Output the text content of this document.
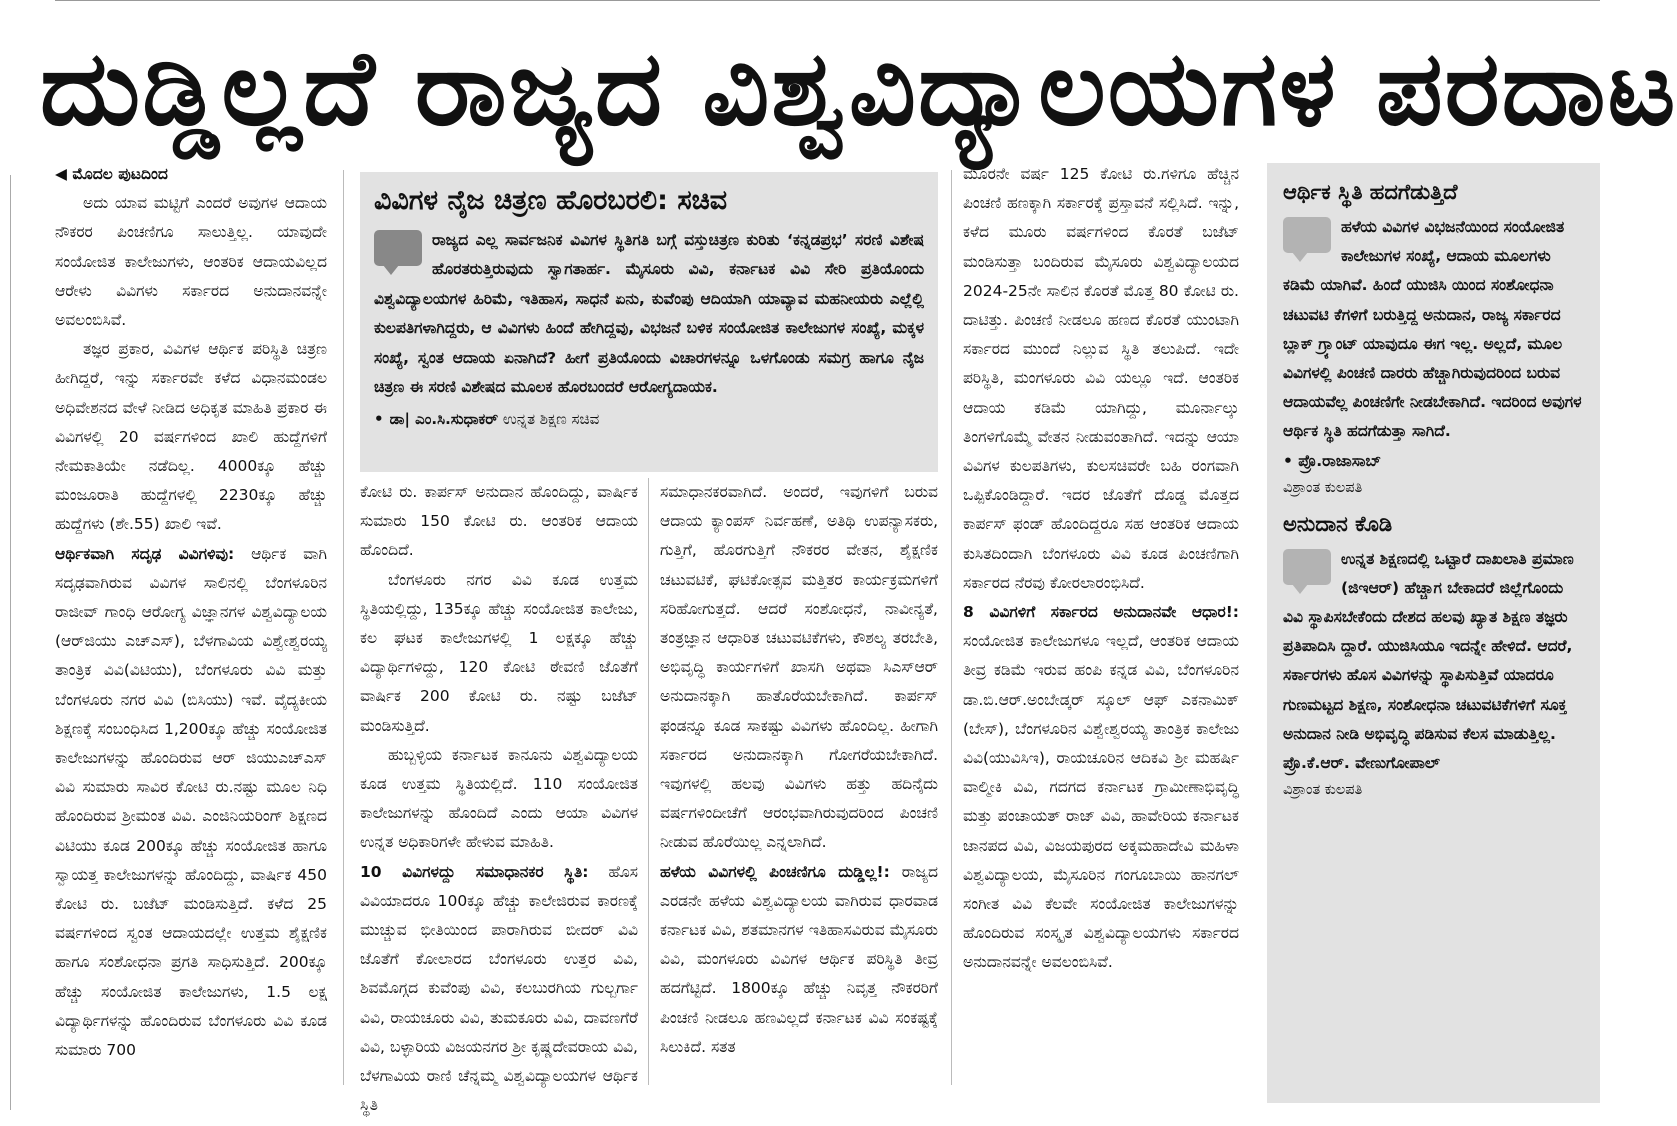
ದುಡ್ಡಿಲ್ಲದೆ ರಾಜ್ಯದ ವಿಶ್ವವಿದ್ಯಾಲಯಗಳ ಪರದಾಟ

◀ ಮೊದಲ ಪುಟದಿಂದ

ಅದು ಯಾವ ಮಟ್ಟಿಗೆ ಎಂದರೆ ಅವುಗಳ ಆದಾಯ ನೌಕರರ ಪಿಂಚಣಿಗೂ ಸಾಲುತ್ತಿಲ್ಲ. ಯಾವುದೇ ಸಂಯೋಜಿತ ಕಾಲೇಜುಗಳು, ಆಂತರಿಕ ಆದಾಯವಿಲ್ಲದ ಆರೇಳು ವಿವಿಗಳು ಸರ್ಕಾರದ ಅನುದಾನವನ್ನೇ ಅವಲಂಬಿಸಿವೆ.

ತಜ್ಞರ ಪ್ರಕಾರ, ವಿವಿಗಳ ಆರ್ಥಿಕ ಪರಿಸ್ಥಿತಿ ಚಿತ್ರಣ ಹೀಗಿದ್ದರೆ, ಇನ್ನು ಸರ್ಕಾರವೇ ಕಳೆದ ವಿಧಾನಮಂಡಲ ಅಧಿವೇಶನದ ವೇಳೆ ನೀಡಿದ ಅಧಿಕೃತ ಮಾಹಿತಿ ಪ್ರಕಾರ ಈ ವಿವಿಗಳಲ್ಲಿ 20 ವರ್ಷಗಳಿಂದ ಖಾಲಿ ಹುದ್ದೆಗಳಿಗೆ ನೇಮಕಾತಿಯೇ ನಡೆದಿಲ್ಲ. 4000ಕ್ಕೂ ಹೆಚ್ಚು ಮಂಜೂರಾತಿ ಹುದ್ದೆಗಳಲ್ಲಿ 2230ಕ್ಕೂ ಹೆಚ್ಚು ಹುದ್ದೆಗಳು (ಶೇ.55) ಖಾಲಿ ಇವೆ.

ಆರ್ಥಿಕವಾಗಿ ಸದೃಢ ವಿವಿಗಳಿವು: ಆರ್ಥಿಕ ವಾಗಿ ಸದೃಢವಾಗಿರುವ ವಿವಿಗಳ ಸಾಲಿನಲ್ಲಿ ಬೆಂಗಳೂರಿನ ರಾಜೀವ್ ಗಾಂಧಿ ಆರೋಗ್ಯ ವಿಜ್ಞಾನಗಳ ವಿಶ್ವವಿದ್ಯಾಲಯ (ಆರ್‌ಜಿಯು ಎಚ್‌ಎಸ್), ಬೆಳಗಾವಿಯ ವಿಶ್ವೇಶ್ವರಯ್ಯ ತಾಂತ್ರಿಕ ವಿವಿ(ವಿಟಿಯು), ಬೆಂಗಳೂರು ವಿವಿ ಮತ್ತು ಬೆಂಗಳೂರು ನಗರ ವಿವಿ (ಬಿಸಿಯು) ಇವೆ. ವೈದ್ಯಕೀಯ ಶಿಕ್ಷಣಕ್ಕೆ ಸಂಬಂಧಿಸಿದ 1,200ಕ್ಕೂ ಹೆಚ್ಚು ಸಂಯೋಜಿತ ಕಾಲೇಜುಗಳನ್ನು ಹೊಂದಿರುವ ಆರ್ ಜಿಯುಎಚ್‌ಎಸ್ ವಿವಿ ಸುಮಾರು ಸಾವಿರ ಕೋಟಿ ರು.ನಷ್ಟು ಮೂಲ ನಿಧಿ ಹೊಂದಿರುವ ಶ್ರೀಮಂತ ವಿವಿ. ಎಂಜಿನಿಯರಿಂಗ್ ಶಿಕ್ಷಣದ ವಿಟಿಯು ಕೂಡ 200ಕ್ಕೂ ಹೆಚ್ಚು ಸಂಯೋಜಿತ ಹಾಗೂ ಸ್ವಾಯತ್ತ ಕಾಲೇಜುಗಳನ್ನು ಹೊಂದಿದ್ದು, ವಾರ್ಷಿಕ 450 ಕೋಟಿ ರು. ಬಜೆಟ್ ಮಂಡಿಸುತ್ತಿದೆ. ಕಳೆದ 25 ವರ್ಷಗಳಿಂದ ಸ್ವಂತ ಆದಾಯದಲ್ಲೇ ಉತ್ತಮ ಶೈಕ್ಷಣಿಕ ಹಾಗೂ ಸಂಶೋಧನಾ ಪ್ರಗತಿ ಸಾಧಿಸುತ್ತಿದೆ. 200ಕ್ಕೂ ಹೆಚ್ಚು ಸಂಯೋಜಿತ ಕಾಲೇಜುಗಳು, 1.5 ಲಕ್ಷ ವಿದ್ಯಾರ್ಥಿಗಳನ್ನು ಹೊಂದಿರುವ ಬೆಂಗಳೂರು ವಿವಿ ಕೂಡ ಸುಮಾರು 700

ವಿವಿಗಳ ನೈಜ ಚಿತ್ರಣ ಹೊರಬರಲಿ: ಸಚಿವ
ರಾಜ್ಯದ ಎಲ್ಲ ಸಾರ್ವಜನಿಕ ವಿವಿಗಳ ಸ್ಥಿತಿಗತಿ ಬಗ್ಗೆ ವಸ್ತುಚಿತ್ರಣ ಕುರಿತು ‘ಕನ್ನಡಪ್ರಭ’ ಸರಣಿ ವಿಶೇಷ ಹೊರತರುತ್ತಿರುವುದು ಸ್ವಾಗತಾರ್ಹ. ಮೈಸೂರು ವಿವಿ, ಕರ್ನಾಟಕ ವಿವಿ ಸೇರಿ ಪ್ರತಿಯೊಂದು ವಿಶ್ವವಿದ್ಯಾಲಯಗಳ ಹಿರಿಮೆ, ಇತಿಹಾಸ, ಸಾಧನೆ ಏನು, ಕುವೆಂಪು ಆದಿಯಾಗಿ ಯಾವ್ಯಾವ ಮಹನೀಯರು ಎಲ್ಲೆಲ್ಲಿ ಕುಲಪತಿಗಳಾಗಿದ್ದರು, ಆ ವಿವಿಗಳು ಹಿಂದೆ ಹೇಗಿದ್ದವು, ವಿಭಜನೆ ಬಳಿಕ ಸಂಯೋಜಿತ ಕಾಲೇಜುಗಳ ಸಂಖ್ಯೆ, ಮಕ್ಕಳ ಸಂಖ್ಯೆ, ಸ್ವಂತ ಆದಾಯ ಏನಾಗಿದೆ? ಹೀಗೆ ಪ್ರತಿಯೊಂದು ವಿಚಾರಗಳನ್ನೂ ಒಳಗೊಂಡು ಸಮಗ್ರ ಹಾಗೂ ನೈಜ ಚಿತ್ರಣ ಈ ಸರಣಿ ವಿಶೇಷದ ಮೂಲಕ ಹೊರಬಂದರೆ ಆರೋಗ್ಯದಾಯಕ.
• ಡಾ| ಎಂ.ಸಿ.ಸುಧಾಕರ್ ಉನ್ನತ ಶಿಕ್ಷಣ ಸಚಿವ

ಕೋಟಿ ರು. ಕಾರ್ಪಸ್ ಅನುದಾನ ಹೊಂದಿದ್ದು, ವಾರ್ಷಿಕ ಸುಮಾರು 150 ಕೋಟಿ ರು. ಆಂತರಿಕ ಆದಾಯ ಹೊಂದಿದೆ.

ಬೆಂಗಳೂರು ನಗರ ವಿವಿ ಕೂಡ ಉತ್ತಮ ಸ್ಥಿತಿಯಲ್ಲಿದ್ದು, 135ಕ್ಕೂ ಹೆಚ್ಚು ಸಂಯೋಜಿತ ಕಾಲೇಜು, ಕಲ ಘಟಕ ಕಾಲೇಜುಗಳಲ್ಲಿ 1 ಲಕ್ಷಕ್ಕೂ ಹೆಚ್ಚು ವಿದ್ಯಾರ್ಥಿಗಳಿದ್ದು, 120 ಕೋಟಿ ಠೇವಣಿ ಜೊತೆಗೆ ವಾರ್ಷಿಕ 200 ಕೋಟಿ ರು. ನಷ್ಟು ಬಜೆಟ್ ಮಂಡಿಸುತ್ತಿದೆ.

ಹುಬ್ಬಳ್ಳಿಯ ಕರ್ನಾಟಕ ಕಾನೂನು ವಿಶ್ವವಿದ್ಯಾಲಯ ಕೂಡ ಉತ್ತಮ ಸ್ಥಿತಿಯಲ್ಲಿದೆ. 110 ಸಂಯೋಜಿತ ಕಾಲೇಜುಗಳನ್ನು ಹೊಂದಿದೆ ಎಂದು ಆಯಾ ವಿವಿಗಳ ಉನ್ನತ ಅಧಿಕಾರಿಗಳೇ ಹೇಳುವ ಮಾಹಿತಿ.

10 ವಿವಿಗಳದ್ದು ಸಮಾಧಾನಕರ ಸ್ಥಿತಿ: ಹೊಸ ವಿವಿಯಾದರೂ 100ಕ್ಕೂ ಹೆಚ್ಚು ಕಾಲೇಜಿರುವ ಕಾರಣಕ್ಕೆ ಮುಚ್ಚುವ ಭೀತಿಯಿಂದ ಪಾರಾಗಿರುವ ಬೀದರ್ ವಿವಿ ಜೊತೆಗೆ ಕೋಲಾರದ ಬೆಂಗಳೂರು ಉತ್ತರ ವಿವಿ, ಶಿವಮೊಗ್ಗದ ಕುವೆಂಪು ವಿವಿ, ಕಲಬುರಗಿಯ ಗುಲ್ಬರ್ಗಾ ವಿವಿ, ರಾಯಚೂರು ವಿವಿ, ತುಮಕೂರು ವಿವಿ, ದಾವಣಗೆರೆ ವಿವಿ, ಬಳ್ಳಾರಿಯ ವಿಜಯನಗರ ಶ್ರೀ ಕೃಷ್ಣದೇವರಾಯ ವಿವಿ, ಬೆಳಗಾವಿಯ ರಾಣಿ ಚೆನ್ನಮ್ಮ ವಿಶ್ವವಿದ್ಯಾಲಯಗಳ ಆರ್ಥಿಕ ಸ್ಥಿತಿ

ಸಮಾಧಾನಕರವಾಗಿದೆ. ಅಂದರೆ, ಇವುಗಳಿಗೆ ಬರುವ ಆದಾಯ ಕ್ಯಾಂಪಸ್ ನಿರ್ವಹಣೆ, ಅತಿಥಿ ಉಪನ್ಯಾಸಕರು, ಗುತ್ತಿಗೆ, ಹೊರಗುತ್ತಿಗೆ ನೌಕರರ ವೇತನ, ಶೈಕ್ಷಣಿಕ ಚಟುವಟಿಕೆ, ಘಟಿಕೋತ್ಸವ ಮತ್ತಿತರ ಕಾರ್ಯಕ್ರಮಗಳಿಗೆ ಸರಿಹೋಗುತ್ತದೆ. ಆದರೆ ಸಂಶೋಧನೆ, ನಾವೀನ್ಯತೆ, ತಂತ್ರಜ್ಞಾನ ಆಧಾರಿತ ಚಟುವಟಿಕೆಗಳು, ಕೌಶಲ್ಯ ತರಬೇತಿ, ಅಭಿವೃದ್ಧಿ ಕಾರ್ಯಗಳಿಗೆ ಖಾಸಗಿ ಅಥವಾ ಸಿಎಸ್‌ಆರ್ ಅನುದಾನಕ್ಕಾಗಿ ಹಾತೊರೆಯಬೇಕಾಗಿದೆ. ಕಾರ್ಪಸ್ ಫಂಡನ್ನೂ ಕೂಡ ಸಾಕಷ್ಟು ವಿವಿಗಳು ಹೊಂದಿಲ್ಲ. ಹೀಗಾಗಿ ಸರ್ಕಾರದ ಅನುದಾನಕ್ಕಾಗಿ ಗೋಗರೆಯಬೇಕಾಗಿದೆ. ಇವುಗಳಲ್ಲಿ ಹಲವು ವಿವಿಗಳು ಹತ್ತು ಹದಿನೈದು ವರ್ಷಗಳಿಂದೀಚೆಗೆ ಆರಂಭವಾಗಿರುವುದರಿಂದ ಪಿಂಚಣಿ ನೀಡುವ ಹೊರೆಯಿಲ್ಲ ಎನ್ನಲಾಗಿದೆ.

ಹಳೆಯ ವಿವಿಗಳಲ್ಲಿ ಪಿಂಚಣಿಗೂ ದುಡ್ಡಿಲ್ಲ!: ರಾಜ್ಯದ ಎರಡನೇ ಹಳೆಯ ವಿಶ್ವವಿದ್ಯಾಲಯ ವಾಗಿರುವ ಧಾರವಾಡ ಕರ್ನಾಟಕ ವಿವಿ, ಶತಮಾನಗಳ ಇತಿಹಾಸವಿರುವ ಮೈಸೂರು ವಿವಿ, ಮಂಗಳೂರು ವಿವಿಗಳ ಆರ್ಥಿಕ ಪರಿಸ್ಥಿತಿ ತೀವ್ರ ಹದಗೆಟ್ಟಿದೆ. 1800ಕ್ಕೂ ಹೆಚ್ಚು ನಿವೃತ್ತ ನೌಕರರಿಗೆ ಪಿಂಚಣಿ ನೀಡಲೂ ಹಣವಿಲ್ಲದೆ ಕರ್ನಾಟಕ ವಿವಿ ಸಂಕಷ್ಟಕ್ಕೆ ಸಿಲುಕಿದೆ. ಸತತ

ಮೂರನೇ ವರ್ಷ 125 ಕೋಟಿ ರು.ಗಳಿಗೂ ಹೆಚ್ಚಿನ ಪಿಂಚಣಿ ಹಣಕ್ಕಾಗಿ ಸರ್ಕಾರಕ್ಕೆ ಪ್ರಸ್ತಾವನೆ ಸಲ್ಲಿಸಿದೆ. ಇನ್ನು, ಕಳೆದ ಮೂರು ವರ್ಷಗಳಿಂದ ಕೊರತೆ ಬಜೆಟ್ ಮಂಡಿಸುತ್ತಾ ಬಂದಿರುವ ಮೈಸೂರು ವಿಶ್ವವಿದ್ಯಾಲಯದ 2024-25ನೇ ಸಾಲಿನ ಕೊರತೆ ಮೊತ್ತ 80 ಕೋಟಿ ರು. ದಾಟಿತ್ತು. ಪಿಂಚಣಿ ನೀಡಲೂ ಹಣದ ಕೊರತೆ ಯುಂಟಾಗಿ ಸರ್ಕಾರದ ಮುಂದೆ ನಿಲ್ಲುವ ಸ್ಥಿತಿ ತಲುಪಿದೆ. ಇದೇ ಪರಿಸ್ಥಿತಿ, ಮಂಗಳೂರು ವಿವಿ ಯಲ್ಲೂ ಇದೆ. ಆಂತರಿಕ ಆದಾಯ ಕಡಿಮೆ ಯಾಗಿದ್ದು, ಮೂರ್ನಾಲ್ಕು ತಿಂಗಳಿಗೊಮ್ಮೆ ವೇತನ ನೀಡುವಂತಾಗಿದೆ. ಇದನ್ನು ಆಯಾ ವಿವಿಗಳ ಕುಲಪತಿಗಳು, ಕುಲಸಚಿವರೇ ಬಹಿ ರಂಗವಾಗಿ ಒಪ್ಪಿಕೊಂಡಿದ್ದಾರೆ. ಇದರ ಜೊತೆಗೆ ದೊಡ್ಡ ಮೊತ್ತದ ಕಾರ್ಪಸ್ ಫಂಡ್ ಹೊಂದಿದ್ದರೂ ಸಹ ಆಂತರಿಕ ಆದಾಯ ಕುಸಿತದಿಂದಾಗಿ ಬೆಂಗಳೂರು ವಿವಿ ಕೂಡ ಪಿಂಚಣಿಗಾಗಿ ಸರ್ಕಾರದ ನೆರವು ಕೋರಲಾರಂಭಿಸಿದೆ.

8 ವಿವಿಗಳಿಗೆ ಸರ್ಕಾರದ ಅನುದಾನವೇ ಆಧಾರ!: ಸಂಯೋಜಿತ ಕಾಲೇಜುಗಳೂ ಇಲ್ಲದೆ, ಆಂತರಿಕ ಆದಾಯ ತೀವ್ರ ಕಡಿಮೆ ಇರುವ ಹಂಪಿ ಕನ್ನಡ ವಿವಿ, ಬೆಂಗಳೂರಿನ ಡಾ.ಬಿ.ಆರ್.ಅಂಬೇಡ್ಕರ್ ಸ್ಕೂಲ್ ಆಫ್ ಎಕನಾಮಿಕ್ (ಬೇಸ್), ಬೆಂಗಳೂರಿನ ವಿಶ್ವೇಶ್ವರಯ್ಯ ತಾಂತ್ರಿಕ ಕಾಲೇಜು ವಿವಿ(ಯುವಿಸಿಇ), ರಾಯಚೂರಿನ ಆದಿಕವಿ ಶ್ರೀ ಮಹರ್ಷಿ ವಾಲ್ಮೀಕಿ ವಿವಿ, ಗದಗದ ಕರ್ನಾಟಕ ಗ್ರಾಮೀಣಾಭಿವೃದ್ಧಿ ಮತ್ತು ಪಂಚಾಯತ್ ರಾಜ್ ವಿವಿ, ಹಾವೇರಿಯ ಕರ್ನಾಟಕ ಜಾನಪದ ವಿವಿ, ವಿಜಯಪುರದ ಅಕ್ಕಮಹಾದೇವಿ ಮಹಿಳಾ ವಿಶ್ವವಿದ್ಯಾಲಯ, ಮೈಸೂರಿನ ಗಂಗೂಬಾಯಿ ಹಾನಗಲ್ ಸಂಗೀತ ವಿವಿ ಕೆಲವೇ ಸಂಯೋಜಿತ ಕಾಲೇಜುಗಳನ್ನು ಹೊಂದಿರುವ ಸಂಸ್ಕೃತ ವಿಶ್ವವಿದ್ಯಾಲಯಗಳು ಸರ್ಕಾರದ ಅನುದಾನವನ್ನೇ ಅವಲಂಬಿಸಿವೆ.

ಆರ್ಥಿಕ ಸ್ಥಿತಿ ಹದಗೆಡುತ್ತಿದೆ
ಹಳೆಯ ವಿವಿಗಳ ವಿಭಜನೆಯಿಂದ ಸಂಯೋಜಿತ ಕಾಲೇಜುಗಳ ಸಂಖ್ಯೆ, ಆದಾಯ ಮೂಲಗಳು ಕಡಿಮೆ ಯಾಗಿವೆ. ಹಿಂದೆ ಯುಜಿಸಿ ಯಿಂದ ಸಂಶೋಧನಾ ಚಟುವಟಿ ಕೆಗಳಿಗೆ ಬರುತ್ತಿದ್ದ ಅನುದಾನ, ರಾಜ್ಯ ಸರ್ಕಾರದ ಬ್ಲಾಕ್ ಗ್ರ್ಯಾಂಟ್ ಯಾವುದೂ ಈಗ ಇಲ್ಲ. ಅಲ್ಲದೆ, ಮೂಲ ವಿವಿಗಳಲ್ಲಿ ಪಿಂಚಣಿ ದಾರರು ಹೆಚ್ಚಾಗಿರುವುದರಿಂದ ಬರುವ ಆದಾಯವೆಲ್ಲ ಪಿಂಚಣಿಗೇ ನೀಡಬೇಕಾಗಿದೆ. ಇದರಿಂದ ಅವುಗಳ ಆರ್ಥಿಕ ಸ್ಥಿತಿ ಹದಗೆಡುತ್ತಾ ಸಾಗಿದೆ.
• ಪ್ರೊ.ರಾಜಾಸಾಬ್
ವಿಶ್ರಾಂತ ಕುಲಪತಿ
ಅನುದಾನ ಕೊಡಿ
ಉನ್ನತ ಶಿಕ್ಷಣದಲ್ಲಿ ಒಟ್ಟಾರೆ ದಾಖಲಾತಿ ಪ್ರಮಾಣ (ಜಿಇಆರ್) ಹೆಚ್ಚಾಗ ಬೇಕಾದರೆ ಜಿಲ್ಲೆಗೊಂದು ವಿವಿ ಸ್ಥಾಪಿಸಬೇಕೆಂದು ದೇಶದ ಹಲವು ಖ್ಯಾತ ಶಿಕ್ಷಣ ತಜ್ಞರು ಪ್ರತಿಪಾದಿಸಿ ದ್ದಾರೆ. ಯುಜಿಸಿಯೂ ಇದನ್ನೇ ಹೇಳಿದೆ. ಆದರೆ, ಸರ್ಕಾರಗಳು ಹೊಸ ವಿವಿಗಳನ್ನು ಸ್ಥಾಪಿಸುತ್ತಿವೆ ಯಾದರೂ ಗುಣಮಟ್ಟದ ಶಿಕ್ಷಣ, ಸಂಶೋಧನಾ ಚಟುವಟಿಕೆಗಳಿಗೆ ಸೂಕ್ತ ಅನುದಾನ ನೀಡಿ ಅಭಿವೃದ್ಧಿ ಪಡಿಸುವ ಕೆಲಸ ಮಾಡುತ್ತಿಲ್ಲ.
ಪ್ರೊ.ಕೆ.ಆರ್. ವೇಣುಗೋಪಾಲ್
ವಿಶ್ರಾಂತ ಕುಲಪತಿ
